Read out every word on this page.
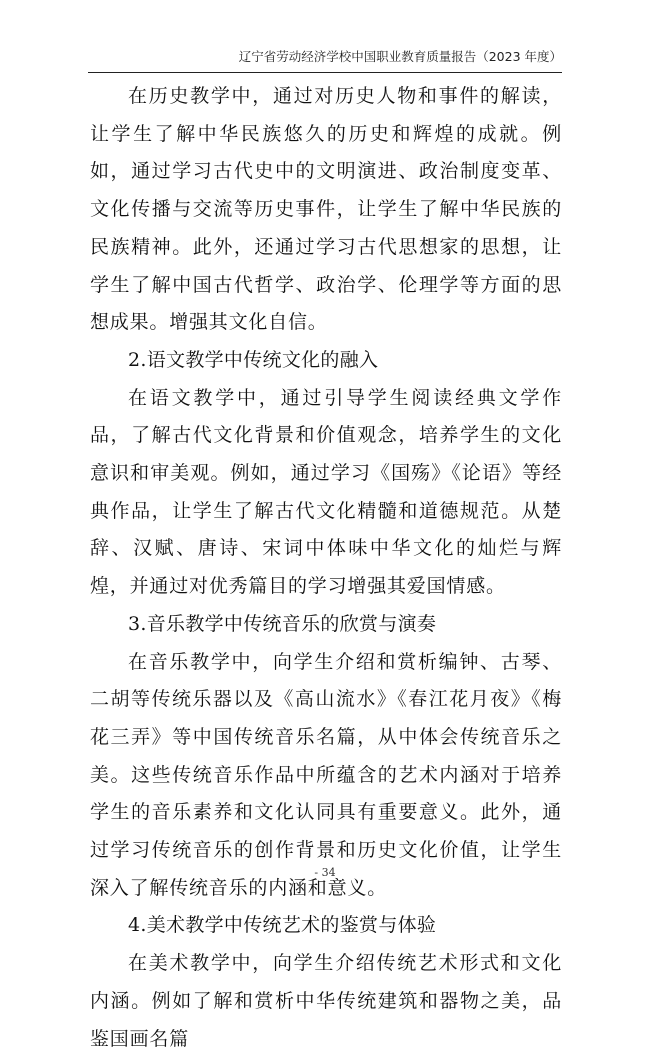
辽宁省劳动经济学校中国职业教育质量报告（2023 年度）

在历史教学中，通过对历史人物和事件的解读，让学生了解中华民族悠久的历史和辉煌的成就。例如，通过学习古代史中的文明演进、政治制度变革、文化传播与交流等历史事件，让学生了解中华民族的民族精神。此外，还通过学习古代思想家的思想，让学生了解中国古代哲学、政治学、伦理学等方面的思想成果。增强其文化自信。

2.语文教学中传统文化的融入

在语文教学中，通过引导学生阅读经典文学作品，了解古代文化背景和价值观念，培养学生的文化意识和审美观。例如，通过学习《国殇》《论语》等经典作品，让学生了解古代文化精髓和道德规范。从楚辞、汉赋、唐诗、宋词中体味中华文化的灿烂与辉煌，并通过对优秀篇目的学习增强其爱国情感。

3.音乐教学中传统音乐的欣赏与演奏

在音乐教学中，向学生介绍和赏析编钟、古琴、二胡等传统乐器以及《高山流水》《春江花月夜》《梅花三弄》等中国传统音乐名篇，从中体会传统音乐之美。这些传统音乐作品中所蕴含的艺术内涵对于培养学生的音乐素养和文化认同具有重要意义。此外，通过学习传统音乐的创作背景和历史文化价值，让学生深入了解传统音乐的内涵和意义。

4.美术教学中传统艺术的鉴赏与体验

在美术教学中，向学生介绍传统艺术形式和文化内涵。例如了解和赏析中华传统建筑和器物之美，品鉴国画名篇

- 34
